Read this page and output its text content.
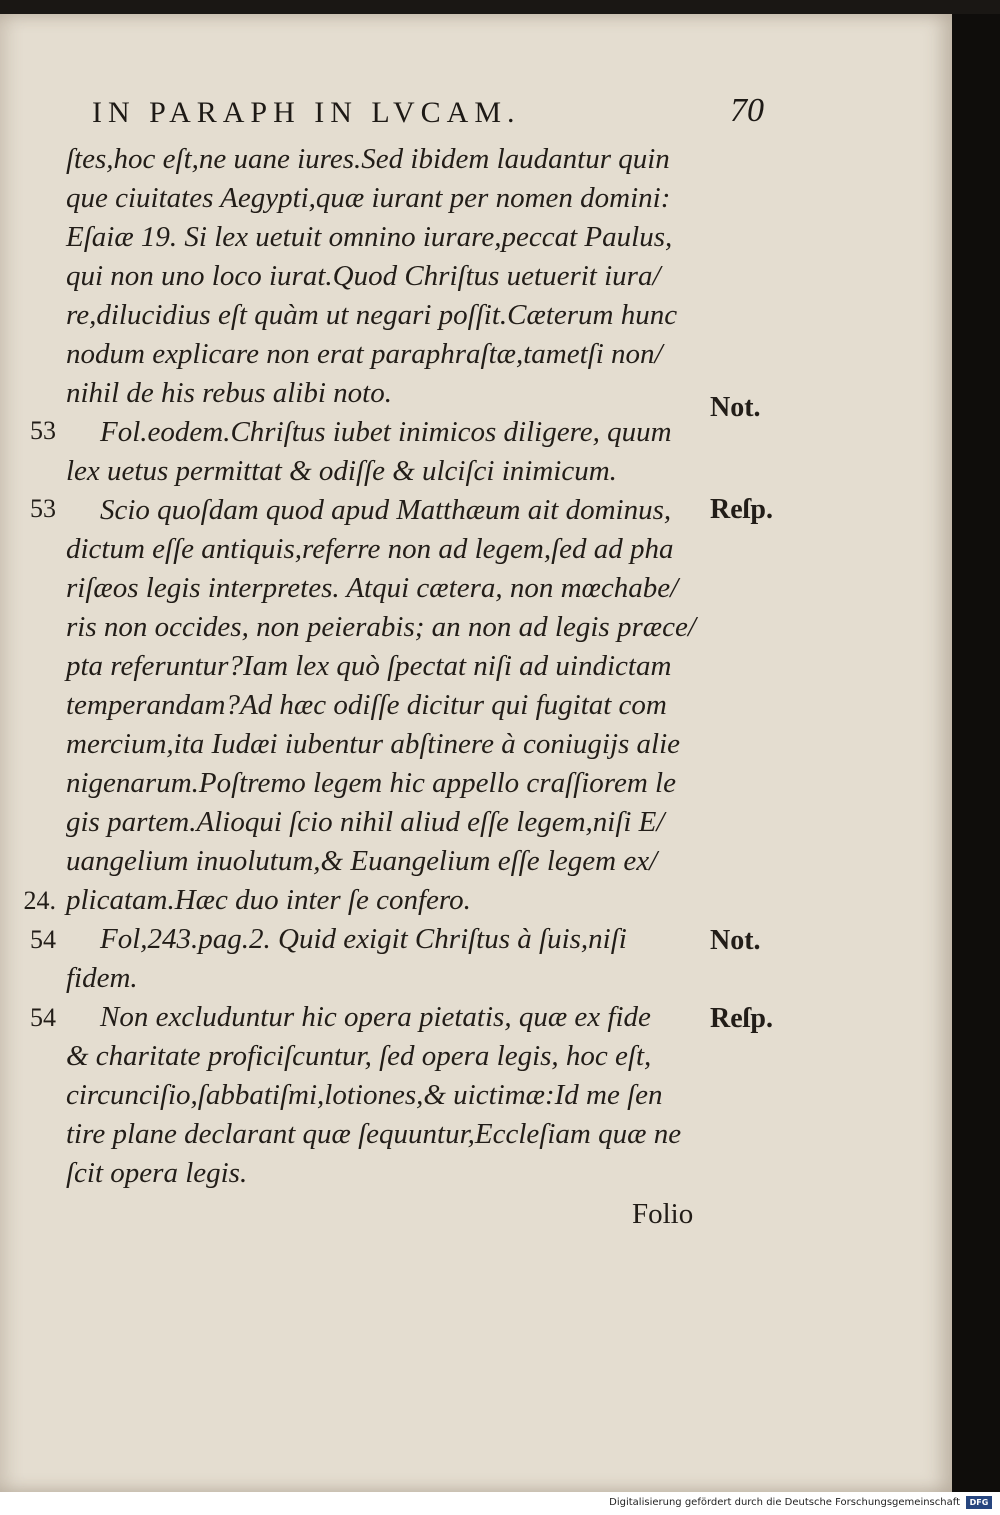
IN PARAPH IN LVCAM.	70
ſtes,hoc eſt,ne uane iures.Sed ibidem laudantur quin
que ciuitates Aegypti,quæ iurant per nomen domini:
Eſaiæ 19. Si lex uetuit omnino iurare,peccat Paulus,
qui non uno loco iurat.Quod Chriſtus uetuerit iura/
re,dilucidius eſt quàm ut negari poſſit.Cæterum hunc
nodum explicare non erat paraphraſtæ,tametſi non/
nihil de his rebus alibi noto.
Fol.eodem.Chriſtus iubet inimicos diligere, quum
lex uetus permittat & odiſſe & ulciſci inimicum.
Scio quoſdam quod apud Matthæum ait dominus,
dictum eſſe antiquis,referre non ad legem,ſed ad pha
riſæos legis interpretes. Atqui cætera, non mœchabe/
ris non occides, non peierabis; an non ad legis præce/
pta referuntur?Iam lex quò ſpectat niſi ad uindictam
temperandam?Ad hæc odiſſe dicitur qui fugitat com
mercium,ita Iudæi iubentur abſtinere à coniugijs alie
nigenarum.Poſtremo legem hic appello craſſiorem le
gis partem.Alioqui ſcio nihil aliud eſſe legem,niſi E/
uangelium inuolutum,& Euangelium eſſe legem ex/
plicatam.Hæc duo inter ſe confero.
Fol,243.pag.2. Quid exigit Chriſtus à ſuis,niſi
fidem.
Non excluduntur hic opera pietatis, quæ ex fide
& charitate proficiſcuntur, ſed opera legis, hoc eſt,
circunciſio,ſabbatiſmi,lotiones,& uictimæ:Id me ſen
tire plane declarant quæ ſequuntur,Eccleſiam quæ ne
ſcit opera legis.
53
53
24.
54
54
Not.
Reſp.
Not.
Reſp.
Folio
Digitalisierung gefördert durch die Deutsche Forschungsgemeinschaft	DFG
